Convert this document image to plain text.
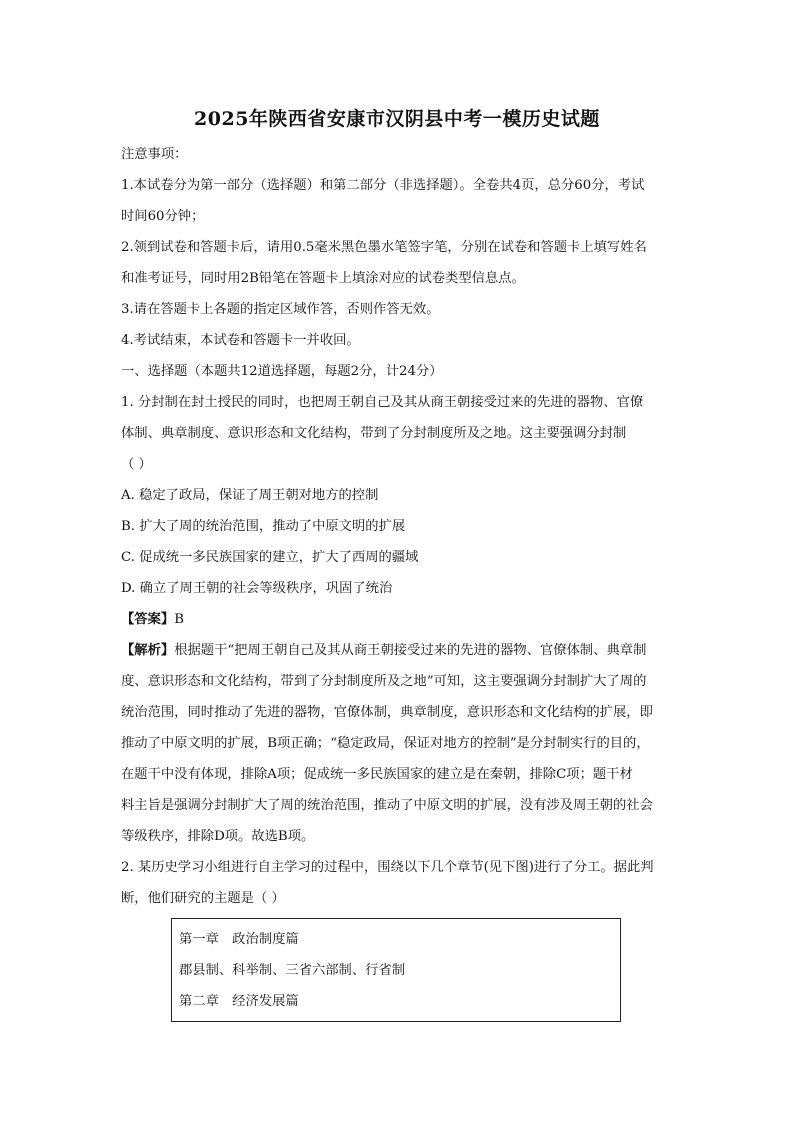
2025年陕西省安康市汉阴县中考一模历史试题
注意事项：
1.本试卷分为第一部分（选择题）和第二部分（非选择题）。全卷共4页，总分60分，考试
时间60分钟；
2.领到试卷和答题卡后，请用0.5毫米黑色墨水笔签字笔，分别在试卷和答题卡上填写姓名
和准考证号，同时用2B铅笔在答题卡上填涂对应的试卷类型信息点。
3.请在答题卡上各题的指定区域作答，否则作答无效。
4.考试结束，本试卷和答题卡一并收回。
一、选择题（本题共12道选择题，每题2分，计24分）
1. 分封制在封土授民的同时，也把周王朝自己及其从商王朝接受过来的先进的器物、官僚
体制、典章制度、意识形态和文化结构，带到了分封制度所及之地。这主要强调分封制
（ ）
A. 稳定了政局，保证了周王朝对地方的控制
B. 扩大了周的统治范围，推动了中原文明的扩展
C. 促成统一多民族国家的建立，扩大了西周的疆域
D. 确立了周王朝的社会等级秩序，巩固了统治
【答案】B
【解析】根据题干“把周王朝自己及其从商王朝接受过来的先进的器物、官僚体制、典章制
度、意识形态和文化结构，带到了分封制度所及之地”可知，这主要强调分封制扩大了周的
统治范围，同时推动了先进的器物，官僚体制，典章制度，意识形态和文化结构的扩展，即
推动了中原文明的扩展，B项正确；“稳定政局，保证对地方的控制”是分封制实行的目的，
在题干中没有体现，排除A项；促成统一多民族国家的建立是在秦朝，排除C项；题干材
料主旨是强调分封制扩大了周的统治范围，推动了中原文明的扩展，没有涉及周王朝的社会
等级秩序，排除D项。故选B项。
2. 某历史学习小组进行自主学习的过程中，围绕以下几个章节(见下图)进行了分工。据此判
断，他们研究的主题是（ ）
第一章　政治制度篇
郡县制、科举制、三省六部制、行省制
第二章　经济发展篇
